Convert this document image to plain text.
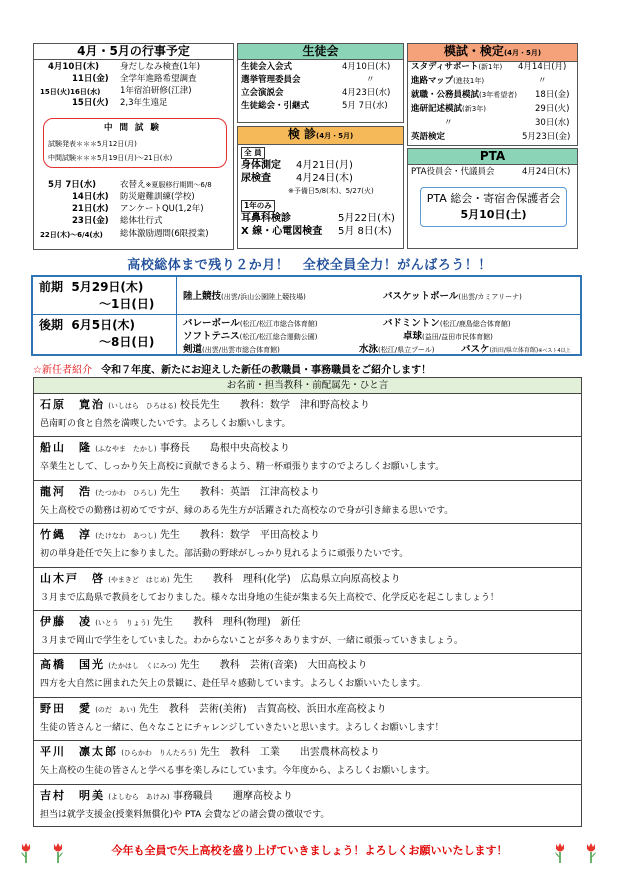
4月・5月の行事予定
4月10日(木) 身だしなみ検査(1年)
11日(金) 全学年進路希望調査
15日(火)16日(水) 1年宿泊研修(江津)
15日(火) 2,3年生遠足
中 間 試 験
試験発表＊＊＊5月12日(月)
中間試験＊＊＊5月19日(月)～21日(水)
5月 7日(水)	衣替え※夏服移行期間～6/8
14日(水) 防災避難訓練(学校)
21日(水) アンケートQU(1,2年)
23日(金) 総体壮行式
22日(木)～6/4(水) 総体激励週間(6限授業)
生徒会
生徒会入会式	4月10日(木)
選挙管理委員会	〃
立会演説会	4月23日(水)
生徒総会・引継式	5月 7日(水)
検 診(4月・5月)
全 員
身体測定 4月21日(月)
尿検査	4月24日(木)
※予備日5/8(木)、5/27(火)
1年のみ
耳鼻科検診	5月22日(木)
X 線・心電図検査 5月 8日(木)
模試・検定(4月・5月)
スタディサポート(新1年) 4月14日(月)
進路マップ(進技1年)	〃
就職・公務員模試(3年希望者) 18日(金)
進研記述模試(新3年)	29日(火)
〃	30日(水)
英語検定	5月23日(金)
PTA
PTA役員会・代議員会	4月24日(木)
PTA 総会・寄宿舎保護者会
5月10日(土)
高校総体まで残り２か月！　全校全員全力！がんばろう！！
前期 5月29日(木)
～1日(日)
陸上競技(出雲/浜山公園陸上競技場)	バスケットボール(出雲/カミアリーナ)
後期 6月5日(木)
～8日(日)
バレーボール(松江/松江市総合体育館)	バドミントン(松江/鹿島総合体育館)
ソフトテニス(松江/松江総合運動公園)	卓球(益田/益田市民体育館)
剣道(出雲/出雲市総合体育館)	水泳(松江/県立プール)	バスケ(浜田/県立体育館)※ベスト4以上
☆新任者紹介 令和７年度、新たにお迎えした新任の教職員・事務職員をご紹介します！
お名前・担当教科・前配属先・ひと言
石原　寛治 (いしはら　ひろはる) 校長先生　　教科：数学　津和野高校より
邑南町の食と自然を満喫したいです。よろしくお願いします。
船山　隆 (ふなやま　たかし) 事務長　　島根中央高校より
卒業生として、しっかり矢上高校に貢献できるよう、精一杯頑張りますのでよろしくお願いします。
龍河　浩 (たつかわ　ひろし) 先生　　教科：英語　江津高校より
矢上高校での勤務は初めてですが、縁のある先生方が活躍された高校なので身が引き締まる思いです。
竹縄　淳 (たけなわ　あつし) 先生　　教科：数学　平田高校より
初の単身赴任で矢上に参りました。部活動の野球がしっかり見れるように頑張りたいです。
山木戸　啓 (やまきど　はじめ) 先生　　教科　理科(化学)　広島県立向原高校より
３月まで広島県で教員をしておりました。様々な出身地の生徒が集まる矢上高校で、化学反応を起こしましょう！
伊藤　凌 (いとう　りょう) 先生　　教科　理科(物理)　新任
３月まで岡山で学生をしていました。わからないことが多々ありますが、一緒に頑張っていきましょう。
高橋　国光 (たかはし　くにみつ) 先生　　教科　芸術(音楽)　大田高校より
四方を大自然に囲まれた矢上の景観に、赴任早々感動しています。よろしくお願いいたします。
野田　愛 (のだ　あい) 先生　教科　芸術(美術)　吉賀高校、浜田水産高校より
生徒の皆さんと一緒に、色々なことにチャレンジしていきたいと思います。よろしくお願いします！
平川　凛太郎 (ひらかわ　りんたろう) 先生　教科　工業　　出雲農林高校より
矢上高校の生徒の皆さんと学べる事を楽しみにしています。今年度から、よろしくお願いします。
吉村　明美 (よしむら　あけみ) 事務職員　　邇摩高校より
担当は就学支援金(授業料無償化)や PTA 会費などの諸会費の徴収です。
今年も全員で矢上高校を盛り上げていきましょう！よろしくお願いいたします！
